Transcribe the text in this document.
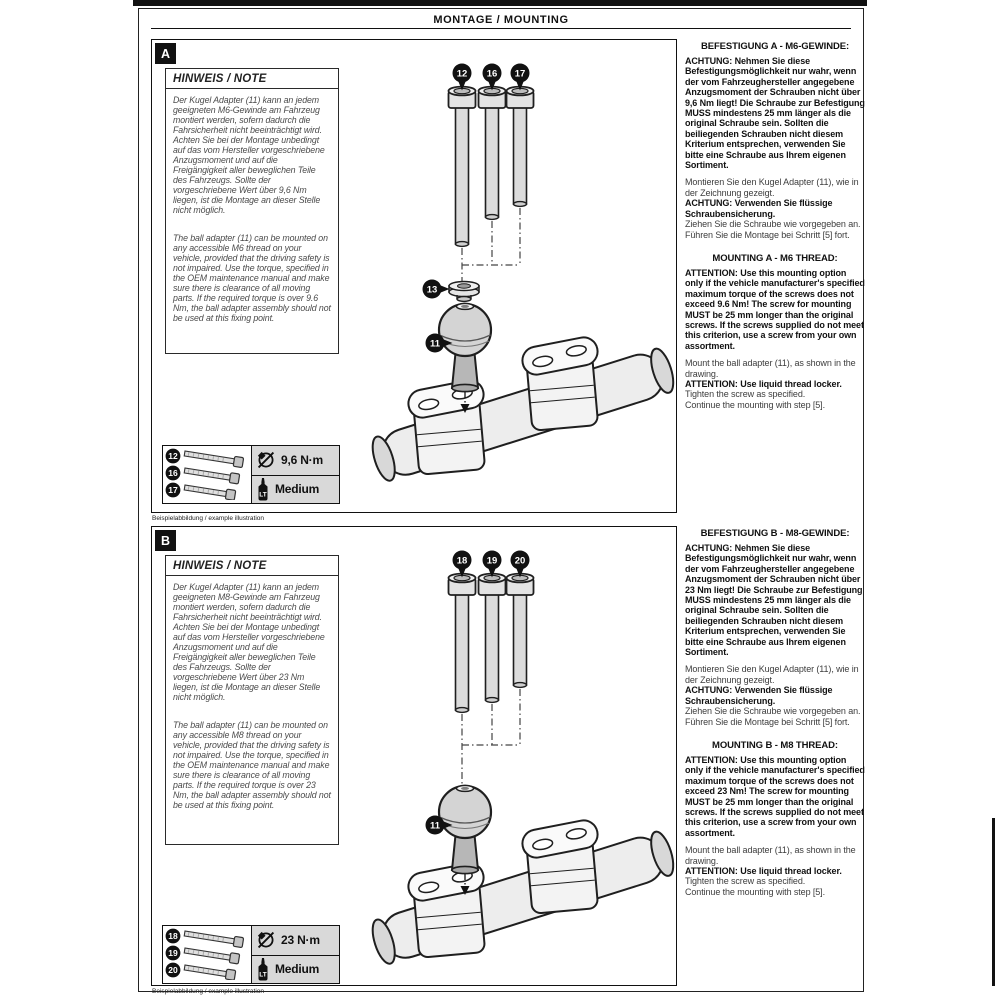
MONTAGE / MOUNTING
A
13
11
12 16 17
HINWEIS / NOTE

Der Kugel Adapter (11) kann an jedem geeigneten M6-Gewinde am Fahrzeug montiert werden, sofern dadurch die Fahrsicherheit nicht beeinträchtigt wird. Achten Sie bei der Montage unbedingt auf das vom Hersteller vorgeschriebene Anzugsmoment und auf die Freigängigkeit aller beweglichen Teile des Fahrzeugs. Sollte der vorgeschriebene Wert über 9,6 Nm liegen, ist die Montage an dieser Stelle nicht möglich.

The ball adapter (11) can be mounted on any accessible M6 thread on your vehicle, provided that the driving safety is not impaired. Use the torque, specified in the OEM maintenance manual and make sure there is clearance of all moving parts. If the required torque is over 9.6 Nm, the ball adapter assembly should not be used at this fixing point.

12
16
17
9,6 N·m
LT Medium
Beispielabbildung / example illustration
BEFESTIGUNG A - M6-GEWINDE:
ACHTUNG: Nehmen Sie diese Befestigungsmöglichkeit nur wahr, wenn der vom Fahrzeughersteller angegebene Anzugsmoment der Schrauben nicht über 9,6 Nm liegt! Die Schraube zur Befestigung MUSS mindestens 25 mm länger als die original Schraube sein. Sollten die beiliegenden Schrauben nicht diesem Kriterium entsprechen, verwenden Sie bitte eine Schraube aus Ihrem eigenen Sortiment.
Montieren Sie den Kugel Adapter (11), wie in der Zeichnung gezeigt.
ACHTUNG: Verwenden Sie flüssige Schraubensicherung.
Ziehen Sie die Schraube wie vorgegeben an.
Führen Sie die Montage bei Schritt [5] fort.
MOUNTING A - M6 THREAD:
ATTENTION: Use this mounting option only if the vehicle manufacturer's specified maximum torque of the screws does not exceed 9.6 Nm! The screw for mounting MUST be 25 mm longer than the original screws. If the screws supplied do not meet this criterion, use a screw from your own assortment.
Mount the ball adapter (11), as shown in the drawing.
ATTENTION: Use liquid thread locker.
Tighten the screw as specified.
Continue the mounting with step [5].
B
11
18 19 20
HINWEIS / NOTE

Der Kugel Adapter (11) kann an jedem geeigneten M8-Gewinde am Fahrzeug montiert werden, sofern dadurch die Fahrsicherheit nicht beeinträchtigt wird. Achten Sie bei der Montage unbedingt auf das vom Hersteller vorgeschriebene Anzugsmoment und auf die Freigängigkeit aller beweglichen Teile des Fahrzeugs. Sollte der vorgeschriebene Wert über 23 Nm liegen, ist die Montage an dieser Stelle nicht möglich.

The ball adapter (11) can be mounted on any accessible M8 thread on your vehicle, provided that the driving safety is not impaired. Use the torque, specified in the OEM maintenance manual and make sure there is clearance of all moving parts. If the required torque is over 23 Nm, the ball adapter assembly should not be used at this fixing point.

18
19
20
23 N·m
LT Medium
Beispielabbildung / example illustration
BEFESTIGUNG B - M8-GEWINDE:
ACHTUNG: Nehmen Sie diese Befestigungsmöglichkeit nur wahr, wenn der vom Fahrzeughersteller angegebene Anzugsmoment der Schrauben nicht über 23 Nm liegt! Die Schraube zur Befestigung MUSS mindestens 25 mm länger als die original Schraube sein. Sollten die beiliegenden Schrauben nicht diesem Kriterium entsprechen, verwenden Sie bitte eine Schraube aus Ihrem eigenen Sortiment.
Montieren Sie den Kugel Adapter (11), wie in der Zeichnung gezeigt.
ACHTUNG: Verwenden Sie flüssige Schraubensicherung.
Ziehen Sie die Schraube wie vorgegeben an.
Führen Sie die Montage bei Schritt [5] fort.
MOUNTING B - M8 THREAD:
ATTENTION: Use this mounting option only if the vehicle manufacturer's specified maximum torque of the screws does not exceed 23 Nm! The screw for mounting MUST be 25 mm longer than the original screws. If the screws supplied do not meet this criterion, use a screw from your own assortment.
Mount the ball adapter (11), as shown in the drawing.
ATTENTION: Use liquid thread locker.
Tighten the screw as specified.
Continue the mounting with step [5].
